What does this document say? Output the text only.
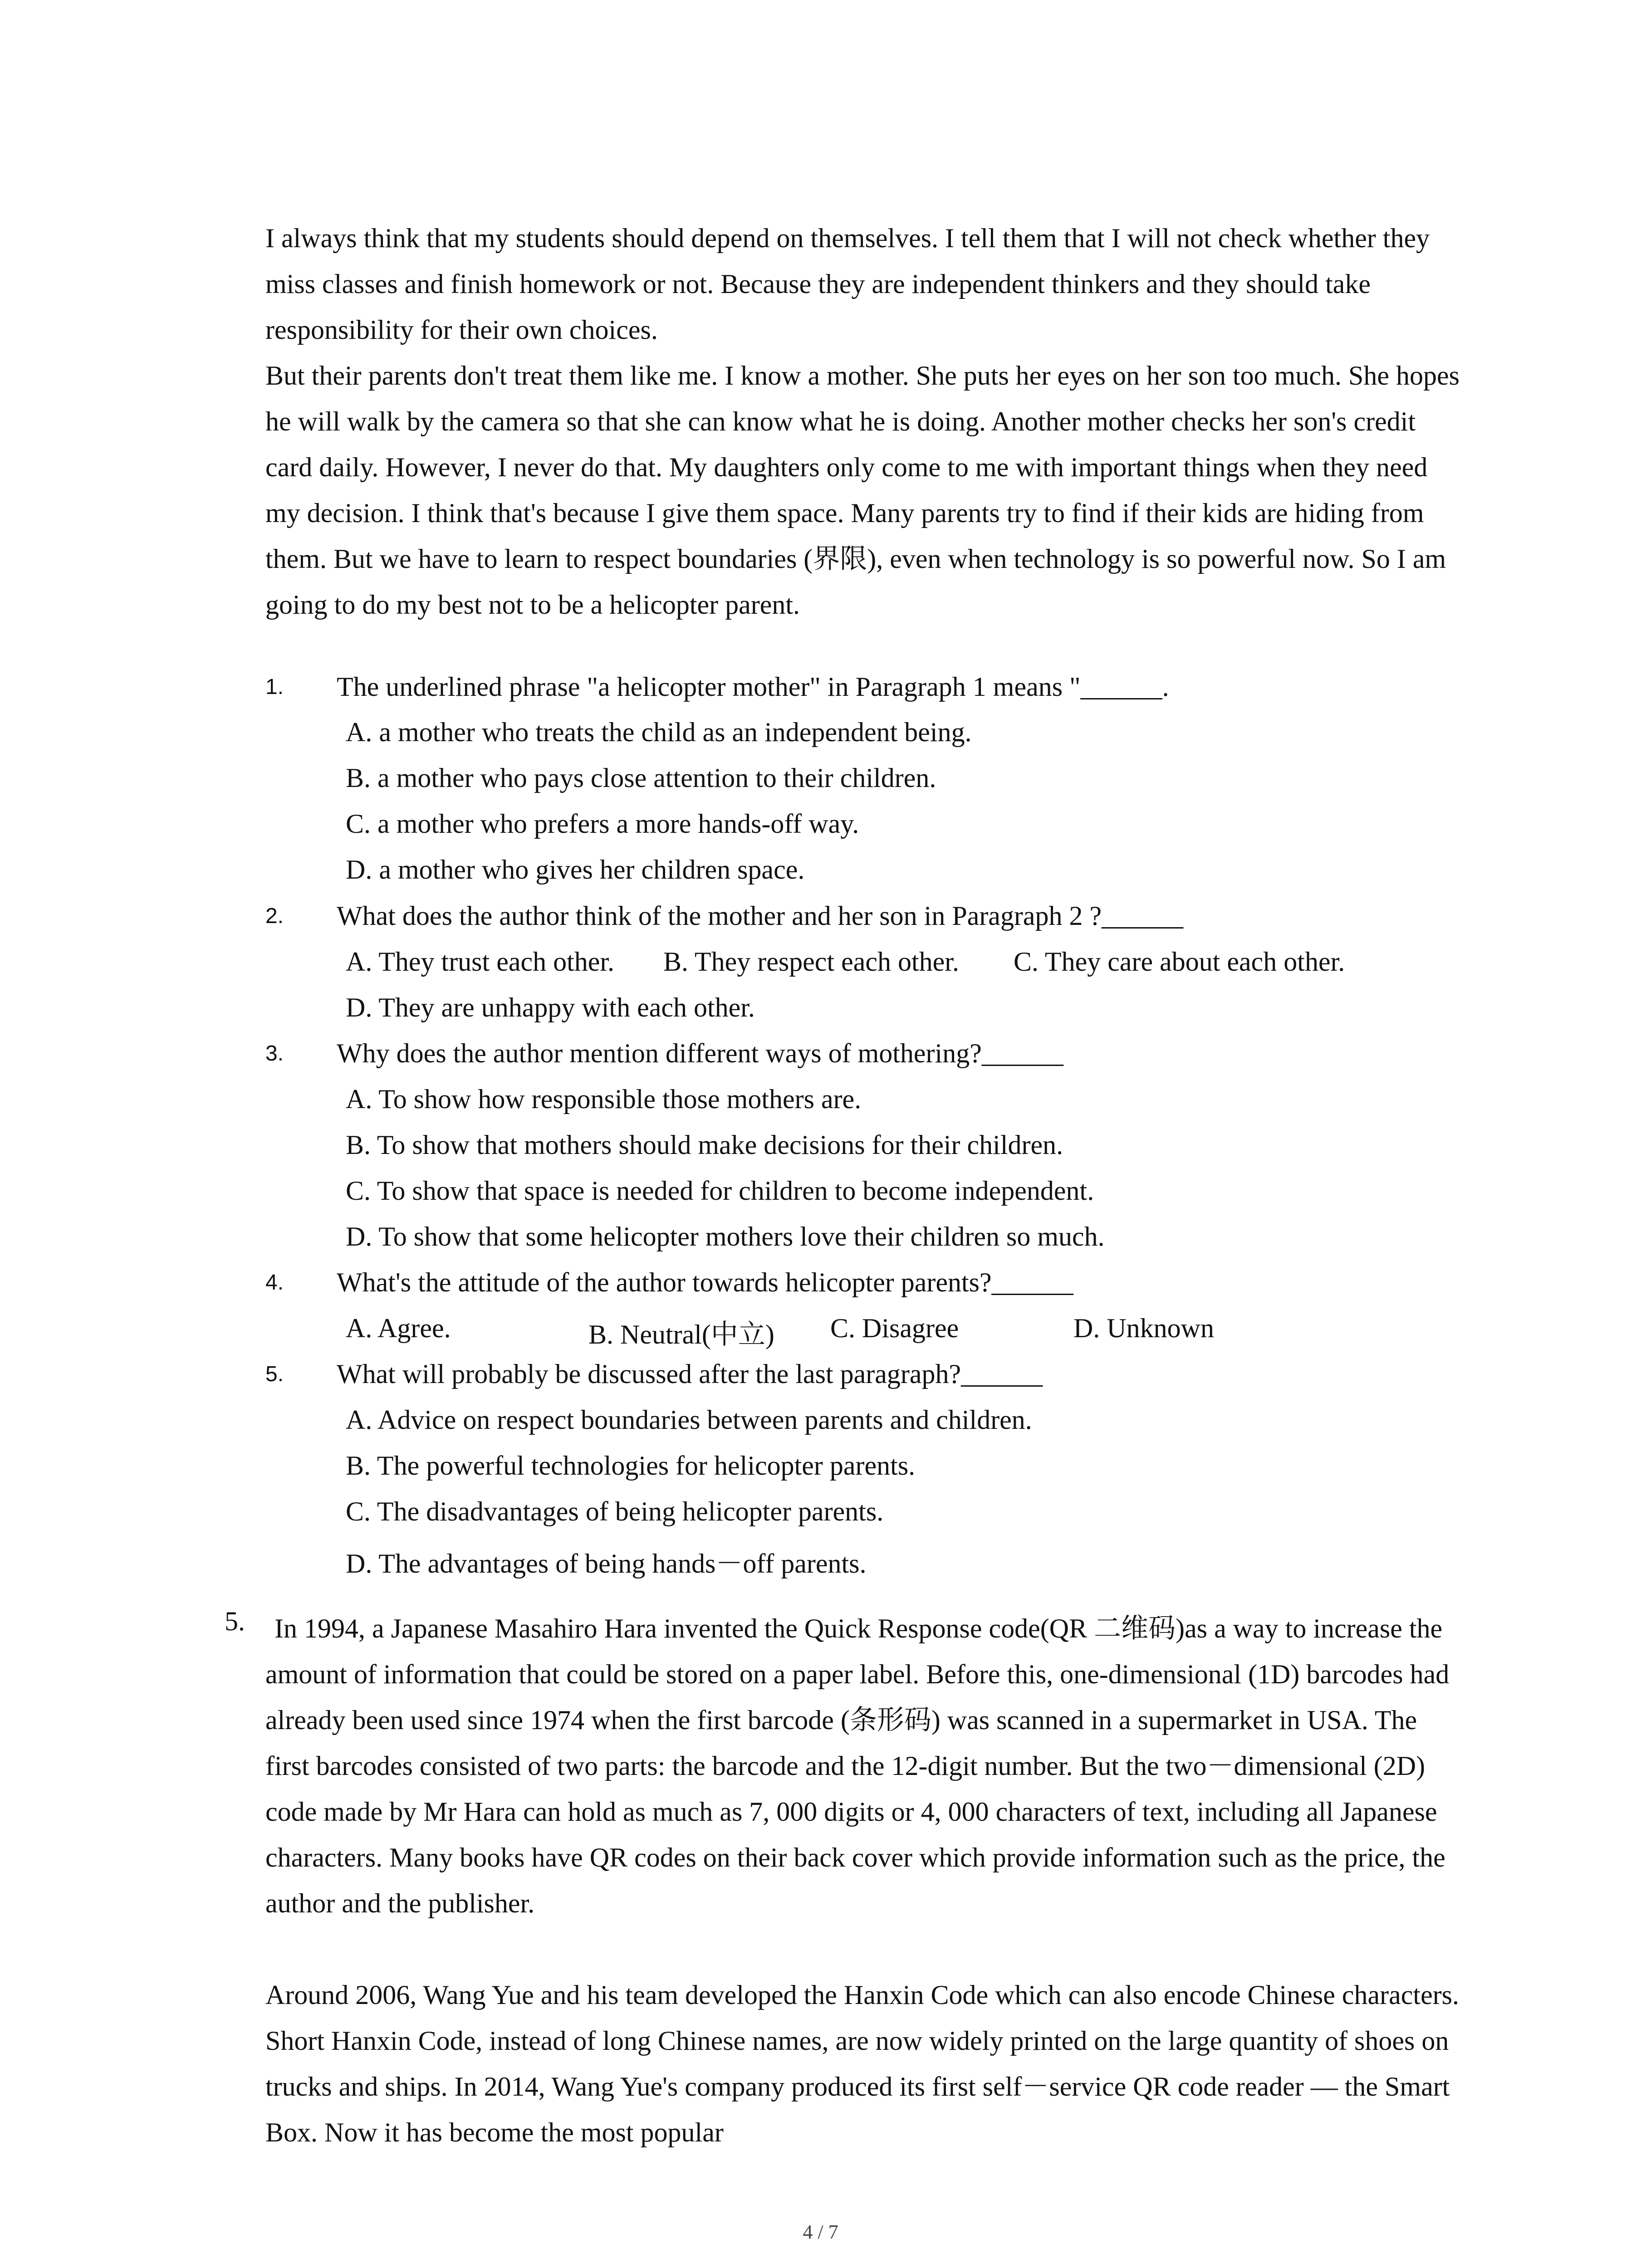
I always think that my students should depend on themselves. I tell them that I will not check whether they miss classes and finish homework or not. Because they are independent thinkers and they should take responsibility for their own choices.

But their parents don't treat them like me. I know a mother. She puts her eyes on her son too much. She hopes he will walk by the camera so that she can know what he is doing. Another mother checks her son's credit card daily. However, I never do that. My daughters only come to me with important things when they need my decision. I think that's because I give them space. Many parents try to find if their kids are hiding from them. But we have to learn to respect boundaries (界限), even when technology is so powerful now. So I am going to do my best not to be a helicopter parent.

1. The underlined phrase "a helicopter mother" in Paragraph 1 means "______.
A. a mother who treats the child as an independent being.
B. a mother who pays close attention to their children.
C. a mother who prefers a more hands-off way.
D. a mother who gives her children space.
2. What does the author think of the mother and her son in Paragraph 2 ?______
A. They trust each other. B. They respect each other. C. They care about each other.
D. They are unhappy with each other.
3. Why does the author mention different ways of mothering?______
A. To show how responsible those mothers are.
B. To show that mothers should make decisions for their children.
C. To show that space is needed for children to become independent.
D. To show that some helicopter mothers love their children so much.
4. What's the attitude of the author towards helicopter parents?______
A. Agree.	B. Neutral(中立) C. Disagree	D. Unknown
5. What will probably be discussed after the last paragraph?______
A. Advice on respect boundaries between parents and children.
B. The powerful technologies for helicopter parents.
C. The disadvantages of being helicopter parents.
D. The advantages of being hands－off parents.
5.	In 1994, a Japanese Masahiro Hara invented the Quick Response code(QR 二维码)as a way to increase the amount of information that could be stored on a paper label. Before this, one-dimensional (1D) barcodes had already been used since 1974 when the first barcode (条形码) was scanned in a supermarket in USA. The first barcodes consisted of two parts: the barcode and the 12-digit number. But the two－dimensional (2D) code made by Mr Hara can hold as much as 7, 000 digits or 4, 000 characters of text, including all Japanese characters. Many books have QR codes on their back cover which provide information such as the price, the author and the publisher.

Around 2006, Wang Yue and his team developed the Hanxin Code which can also encode Chinese characters. Short Hanxin Code, instead of long Chinese names, are now widely printed on the large quantity of shoes on trucks and ships. In 2014, Wang Yue's company produced its first self－service QR code reader — the Smart Box. Now it has become the most popular

4 / 7
